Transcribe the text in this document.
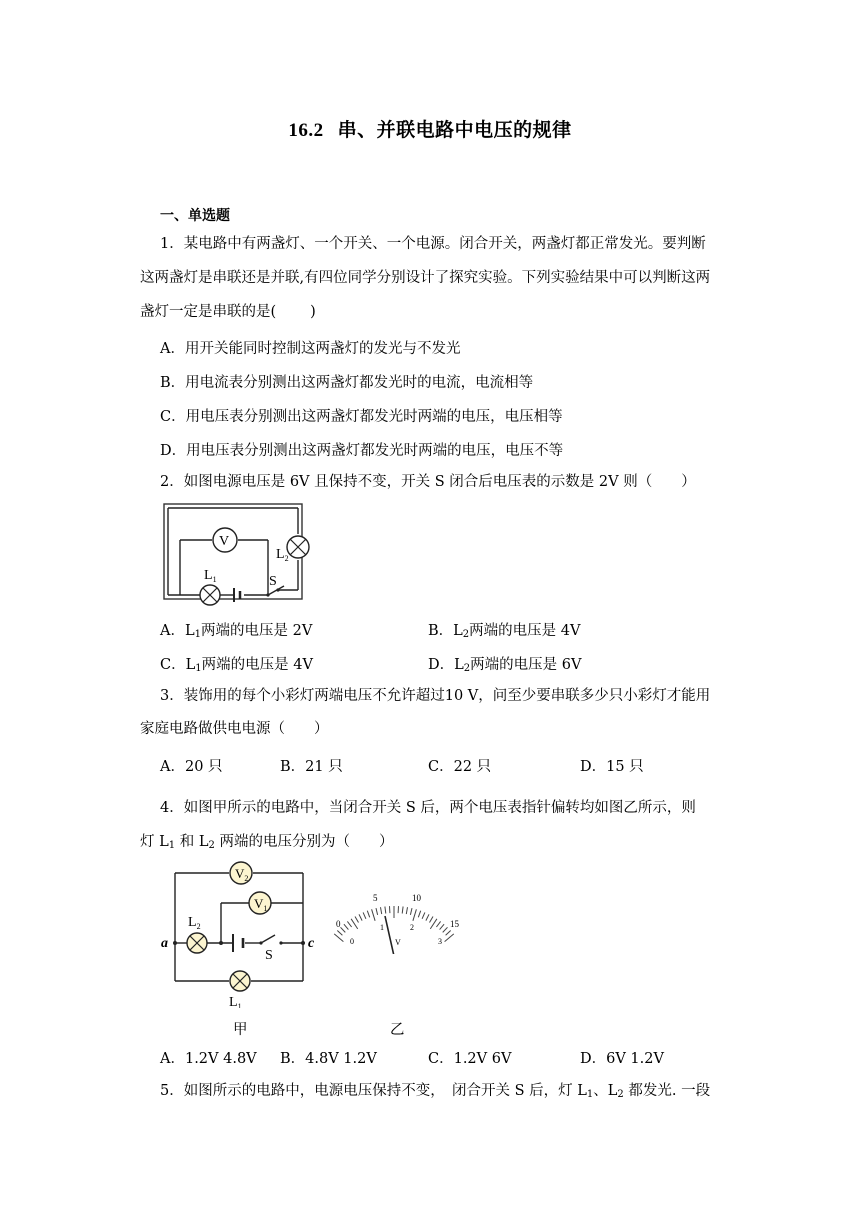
16.2 串、并联电路中电压的规律
一、单选题
1．某电路中有两盏灯、一个开关、一个电源。闭合开关，两盏灯都正常发光。要判断
这两盏灯是串联还是并联,有四位同学分别设计了探究实验。下列实验结果中可以判断这两
盏灯一定是串联的是( )
A．用开关能同时控制这两盏灯的发光与不发光
B．用电流表分别测出这两盏灯都发光时的电流，电流相等
C．用电压表分别测出这两盏灯都发光时两端的电压，电压相等
D．用电压表分别测出这两盏灯都发光时两端的电压，电压不等
2．如图电源电压是 6V 且保持不变，开关 S 闭合后电压表的示数是 2V 则（　　）
V
$L_1$
$L_2$
S
A．$L_1$两端的电压是 2V	B．$L_2$两端的电压是 4V
C．$L_1$两端的电压是 4V	D．$L_2$两端的电压是 6V
3．装饰用的每个小彩灯两端电压不允许超过10 V，问至少要串联多少只小彩灯才能用
家庭电路做供电电源（　　）
A．20 只	B．21 只	C．22 只	D．15 只
4．如图甲所示的电路中，当闭合开关 S 后，两个电压表指针偏转均如图乙所示，则
灯 $L_1$ 和 $L_2$ 两端的电压分别为（　　）
$V_2$
$V_1$
$L_2$
$L_1$
a	c
S
0
5	10
15
0
1	2
3
V
甲	乙
A．1.2V 4.8V B．4.8V 1.2V	C．1.2V 6V	D．6V 1.2V
5．如图所示的电路中，电源电压保持不变，　闭合开关 S 后，灯 $L_1$、$L_2$ 都发光. 一段
